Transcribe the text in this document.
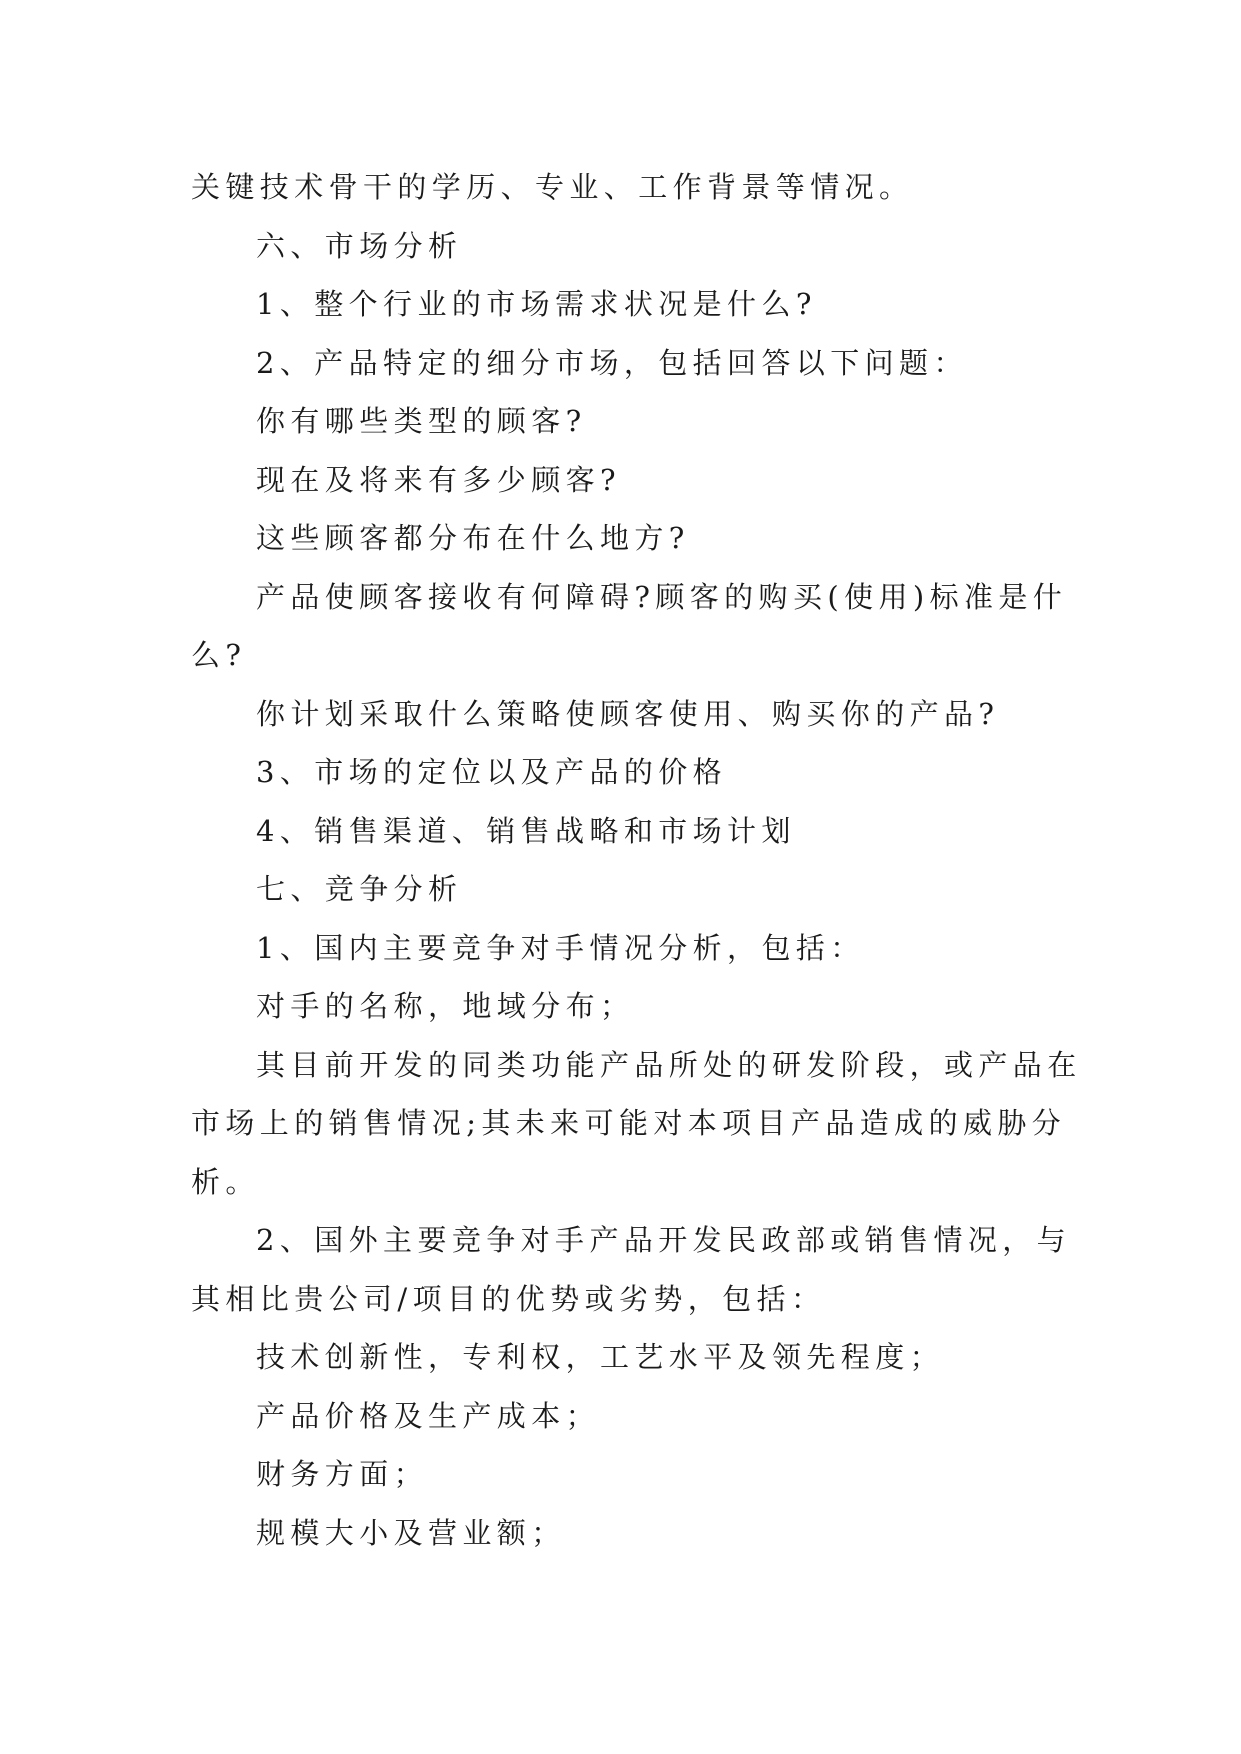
关键技术骨干的学历、专业、工作背景等情况。
六、市场分析
1、整个行业的市场需求状况是什么?
2、产品特定的细分市场，包括回答以下问题：
你有哪些类型的顾客?
现在及将来有多少顾客?
这些顾客都分布在什么地方?
产品使顾客接收有何障碍?顾客的购买(使用)标准是什
么?
你计划采取什么策略使顾客使用、购买你的产品?
3、市场的定位以及产品的价格
4、销售渠道、销售战略和市场计划
七、竞争分析
1、国内主要竞争对手情况分析，包括：
对手的名称，地域分布；
其目前开发的同类功能产品所处的研发阶段，或产品在
市场上的销售情况;其未来可能对本项目产品造成的威胁分
析。
2、国外主要竞争对手产品开发民政部或销售情况，与
其相比贵公司/项目的优势或劣势，包括：
技术创新性，专利权，工艺水平及领先程度；
产品价格及生产成本；
财务方面；
规模大小及营业额；
